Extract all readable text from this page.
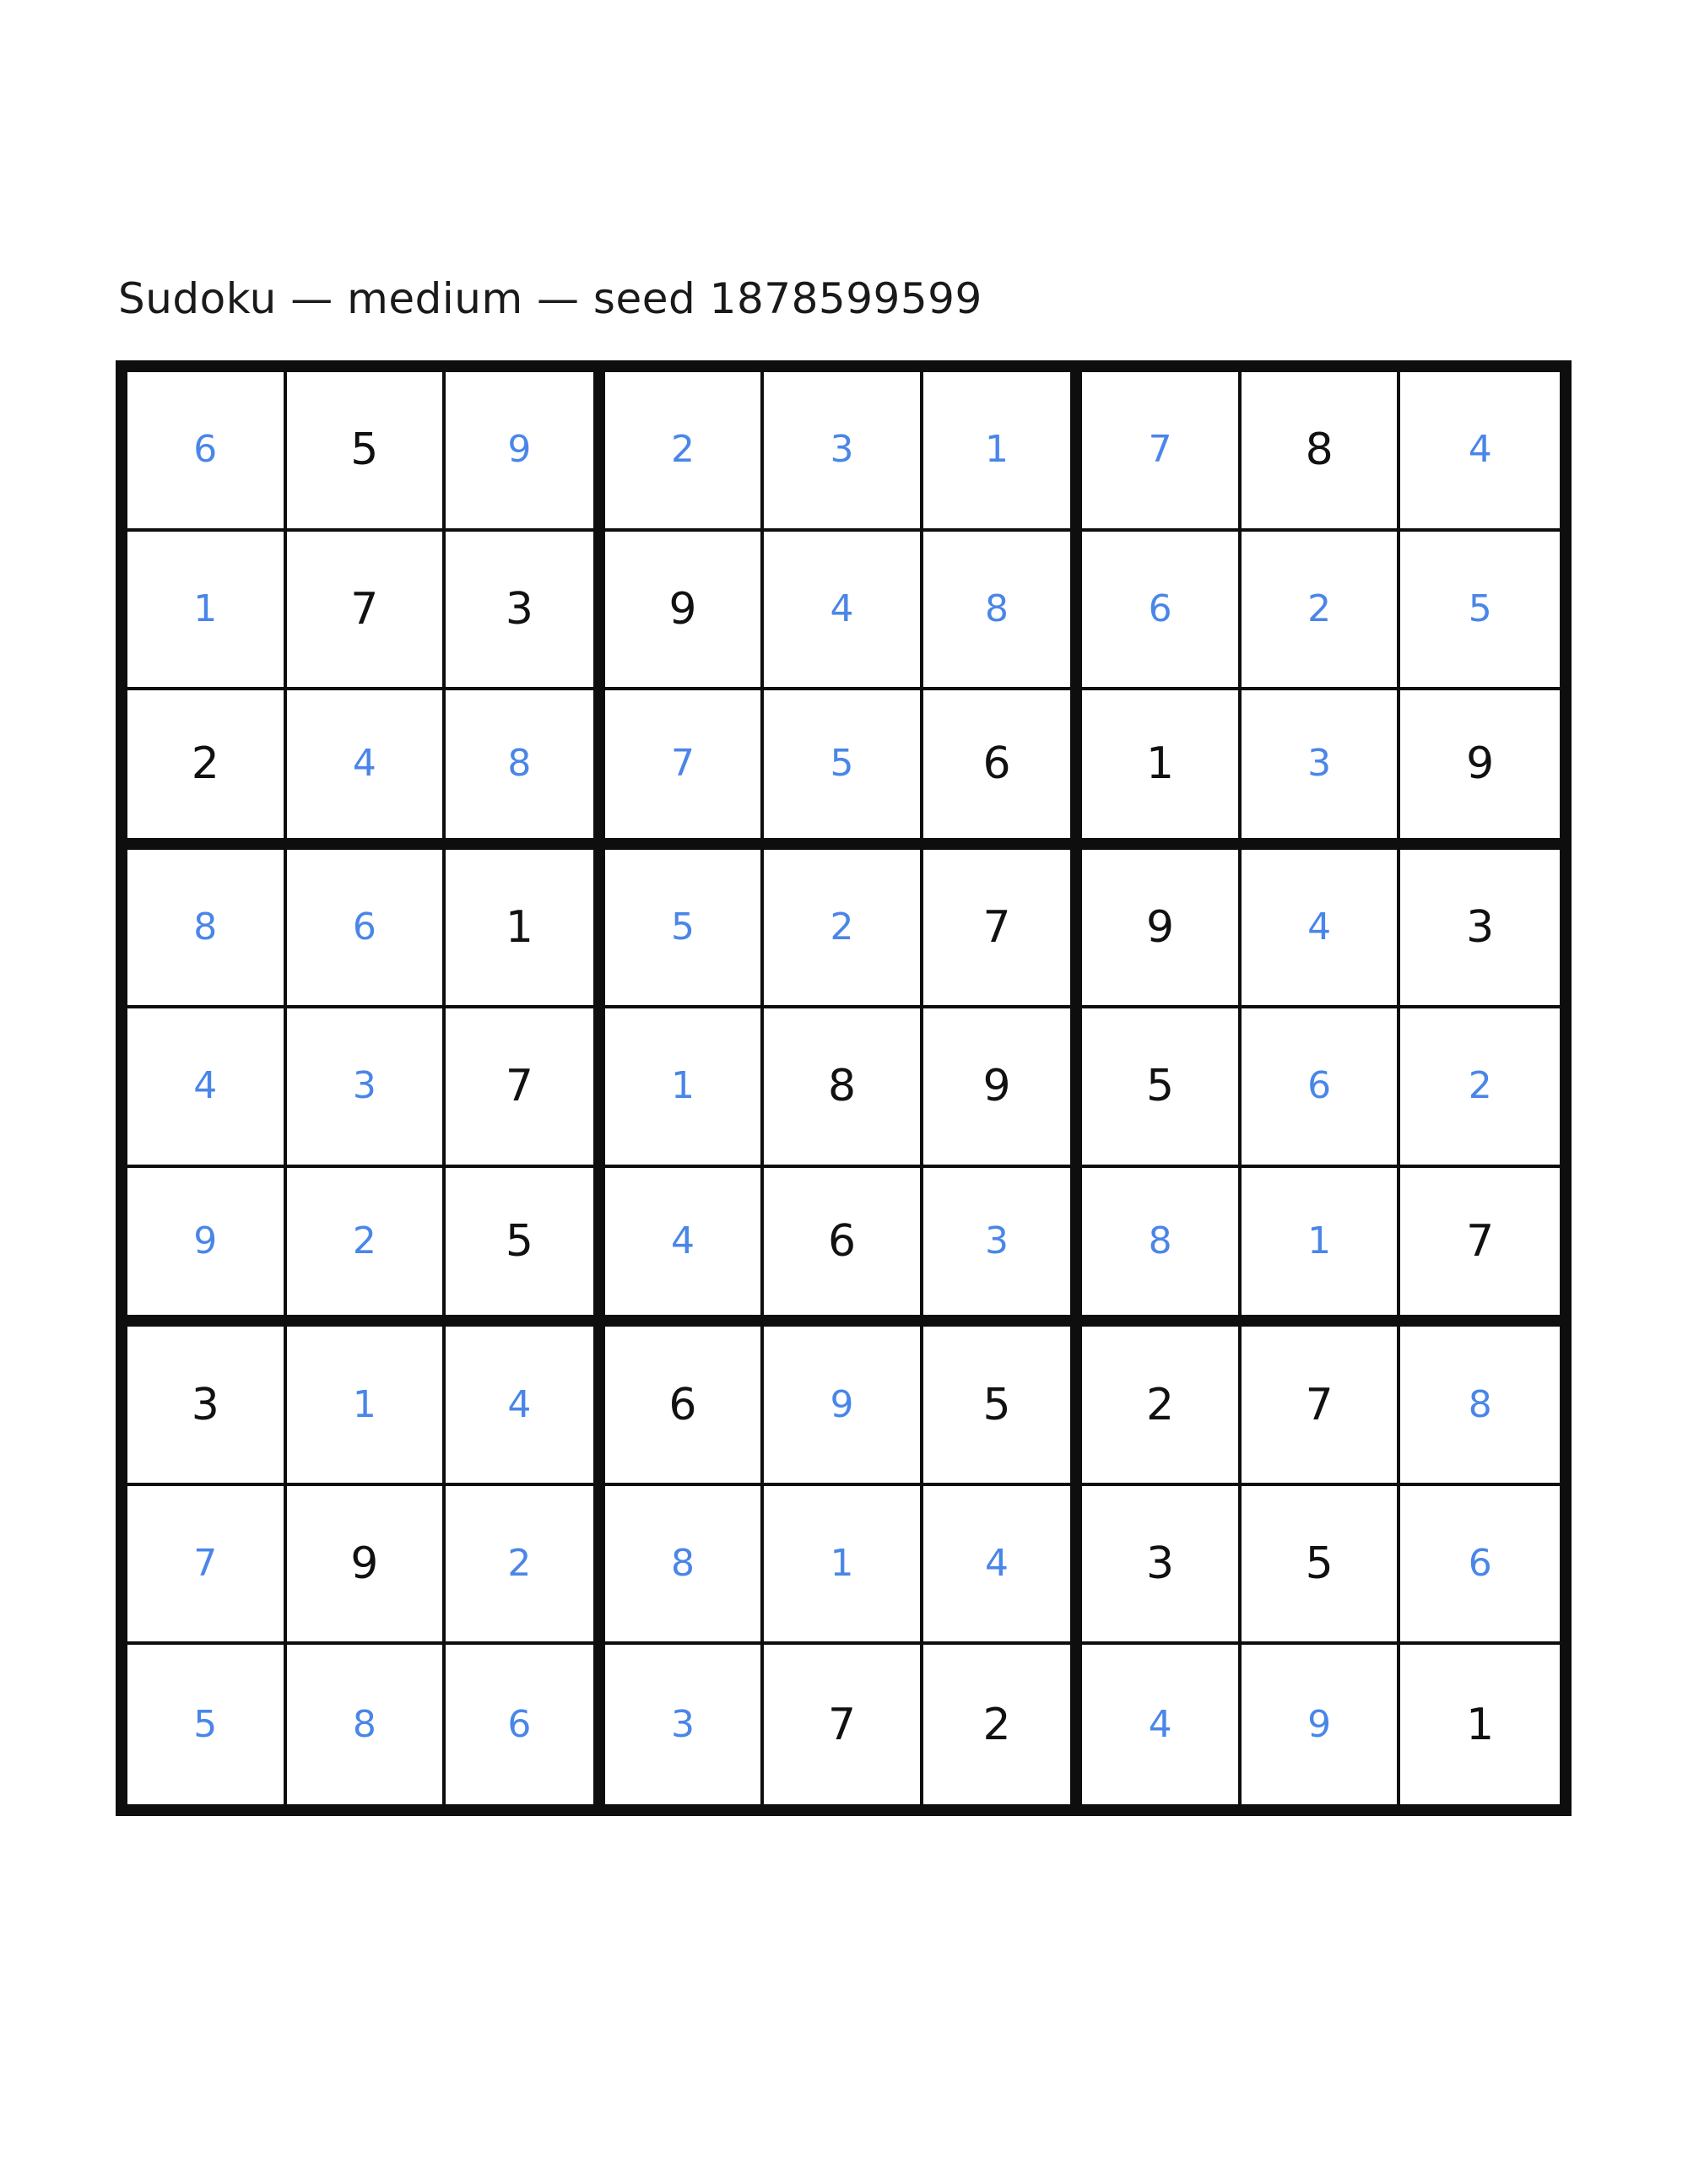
Sudoku — medium — seed 1878599599
6	5	9	2	3	1	7	8	4
1	7	3	9	4	8	6	2	5
2	4	8	7	5	6	1	3	9
8	6	1	5	2	7	9	4	3
4	3	7	1	8	9	5	6	2
9	2	5	4	6	3	8	1	7
3	1	4	6	9	5	2	7	8
7	9	2	8	1	4	3	5	6
5	8	6	3	7	2	4	9	1
